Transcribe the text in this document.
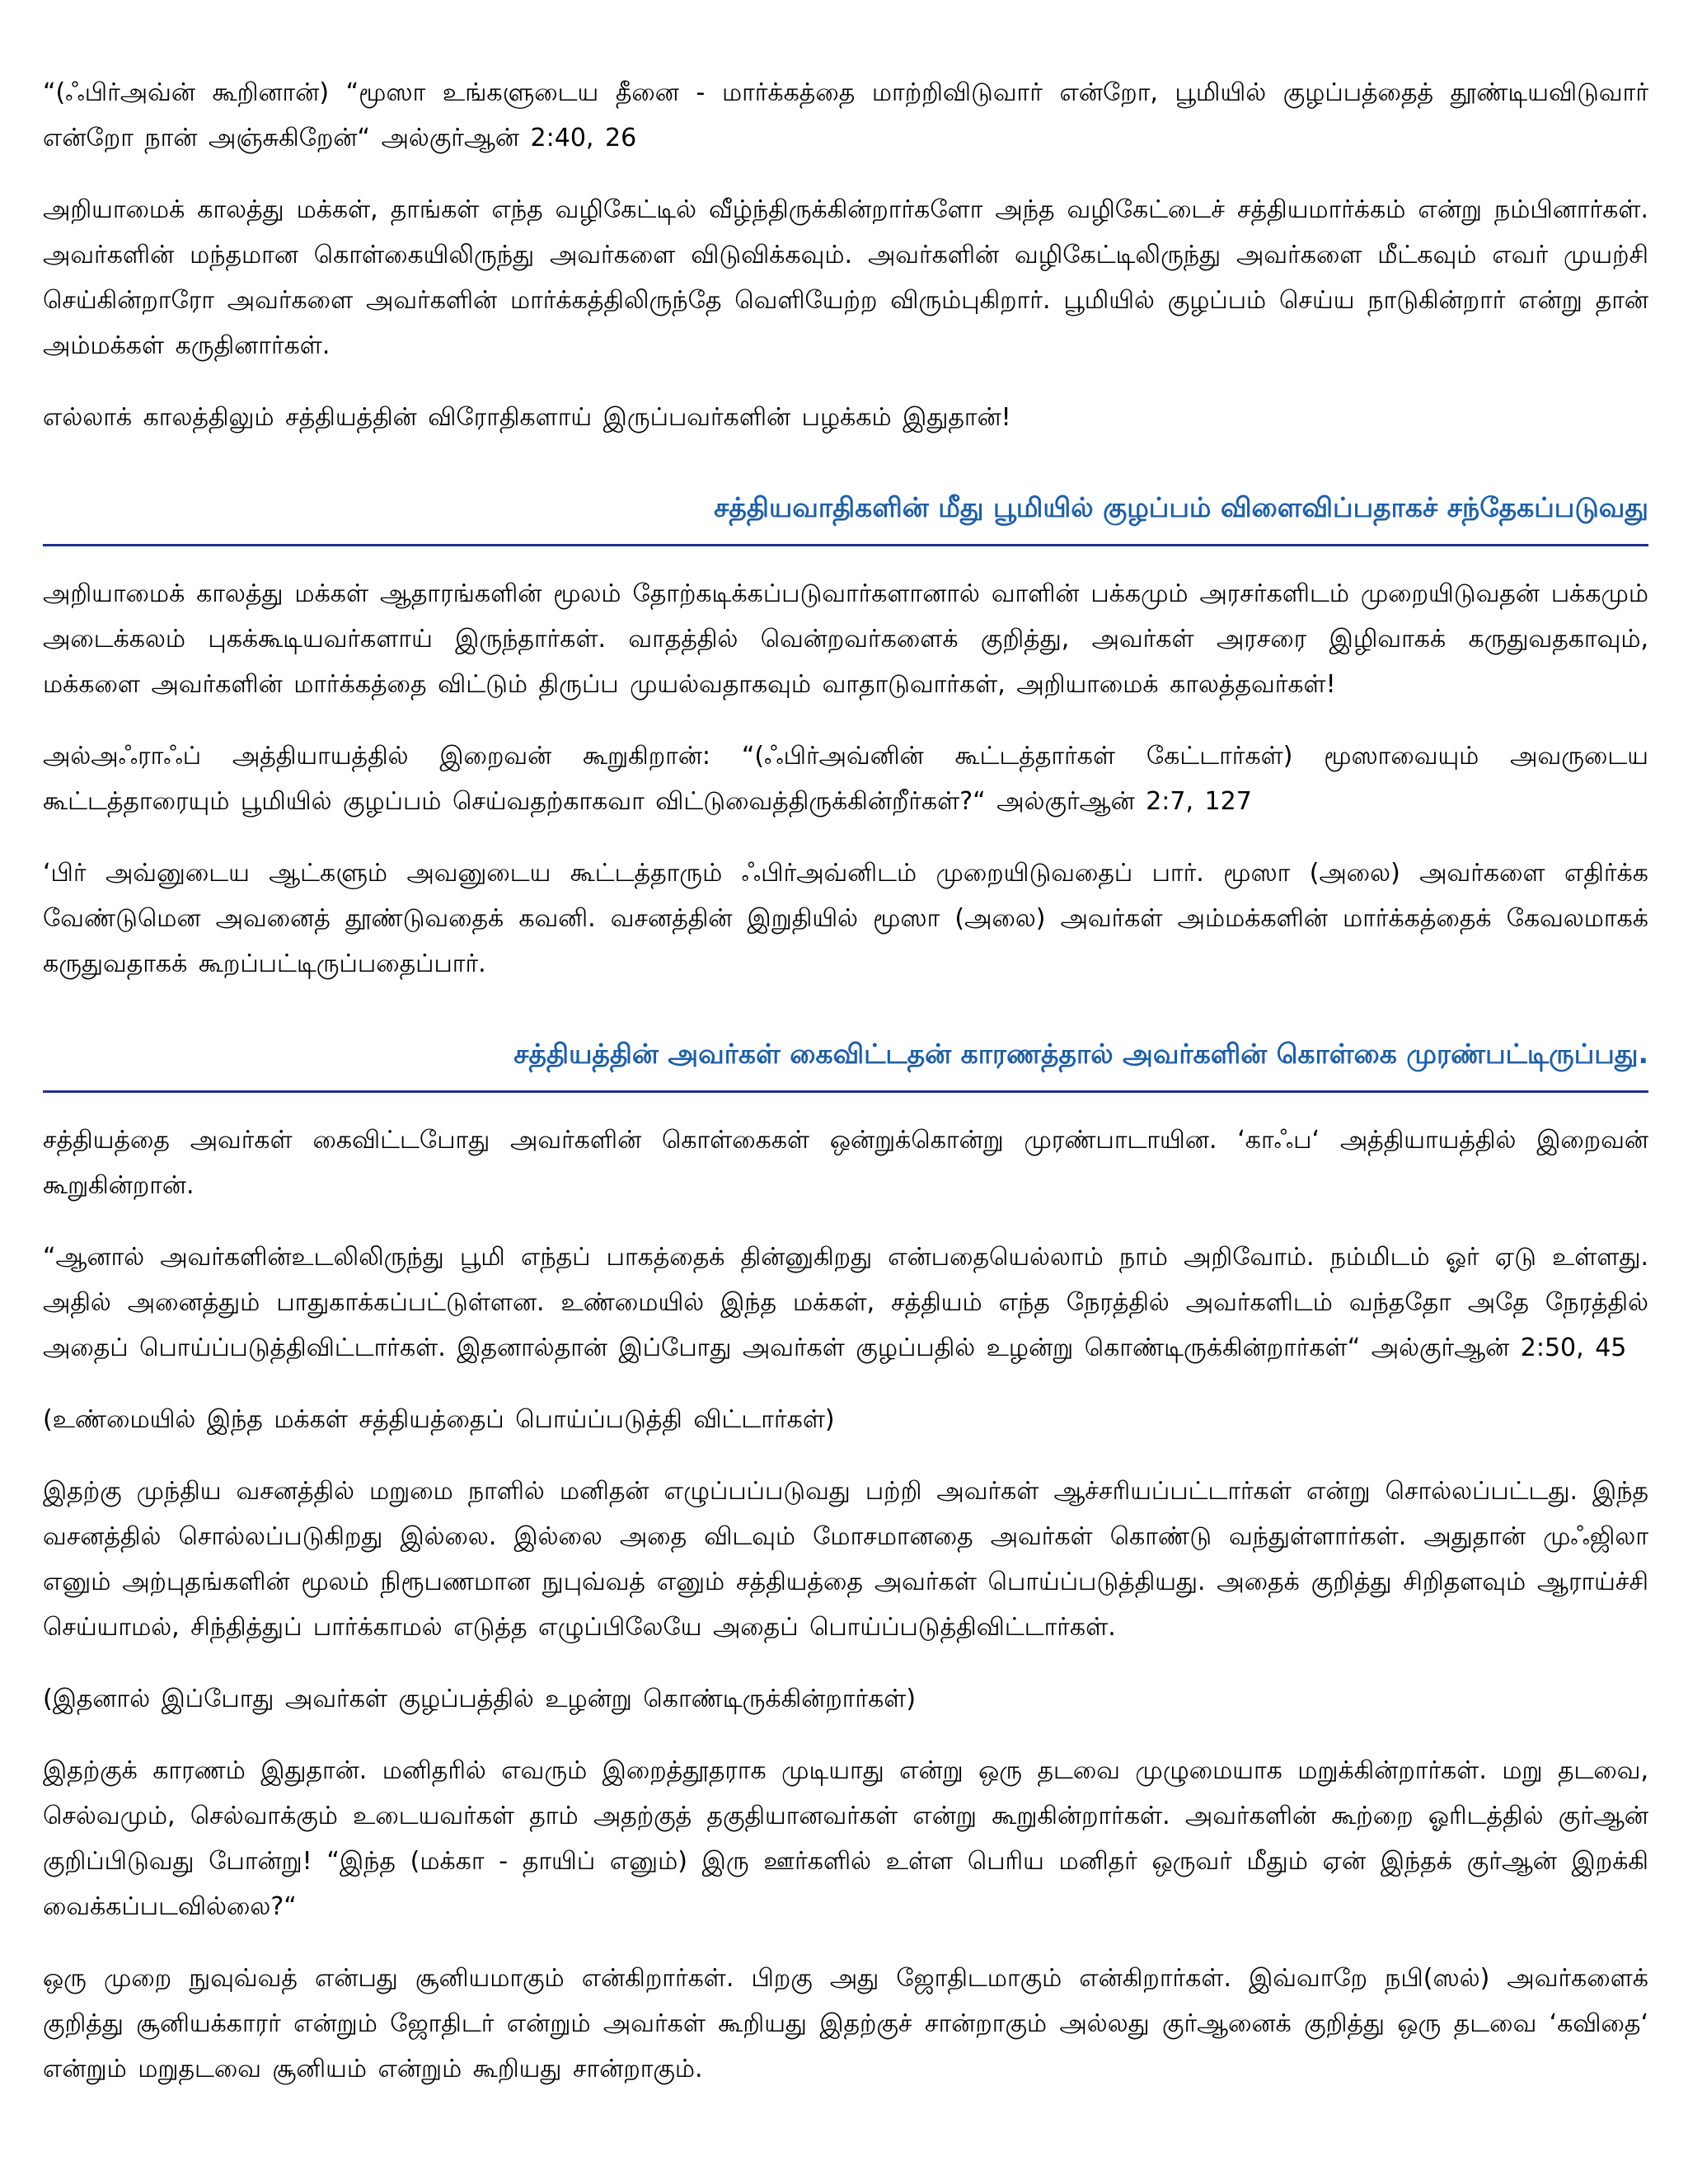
“(ஃபிர்அவ்ன் கூறினான்) “மூஸா உங்களுடைய தீனை - மார்க்கத்தை மாற்றிவிடுவார் என்றோ, பூமியில் குழப்பத்தைத் தூண்டியவிடுவார் என்றோ நான் அஞ்சுகிறேன்“ அல்குர்ஆன் 2:40, 26

அறியாமைக் காலத்து மக்கள், தாங்கள் எந்த வழிகேட்டில் வீழ்ந்திருக்கின்றார்களோ அந்த வழிகேட்டைச் சத்தியமார்க்கம் என்று நம்பினார்கள். அவர்களின் மந்தமான கொள்கையிலிருந்து அவர்களை விடுவிக்கவும். அவர்களின் வழிகேட்டிலிருந்து அவர்களை மீட்கவும் எவர் முயற்சி செய்கின்றாரோ அவர்களை அவர்களின் மார்க்கத்திலிருந்தே வெளியேற்ற விரும்புகிறார். பூமியில் குழப்பம் செய்ய நாடுகின்றார் என்று தான் அம்மக்கள் கருதினார்கள்.

எல்லாக் காலத்திலும் சத்தியத்தின் விரோதிகளாய் இருப்பவர்களின் பழக்கம் இதுதான்!

சத்தியவாதிகளின் மீது பூமியில் குழப்பம் விளைவிப்பதாகச் சந்தேகப்படுவது

அறியாமைக் காலத்து மக்கள் ஆதாரங்களின் மூலம் தோற்கடிக்கப்படுவார்களானால் வாளின் பக்கமும் அரசர்களிடம் முறையிடுவதன் பக்கமும் அடைக்கலம் புகக்கூடியவர்களாய் இருந்தார்கள். வாதத்தில் வென்றவர்களைக் குறித்து, அவர்கள் அரசரை இழிவாகக் கருதுவதகாவும், மக்களை அவர்களின் மார்க்கத்தை விட்டும் திருப்ப முயல்வதாகவும் வாதாடுவார்கள், அறியாமைக் காலத்தவர்கள்!

அல்அஃராஃப் அத்தியாயத்தில் இறைவன் கூறுகிறான்: “(ஃபிர்அவ்னின் கூட்டத்தார்கள் கேட்டார்கள்) மூஸாவையும் அவருடைய கூட்டத்தாரையும் பூமியில் குழப்பம் செய்வதற்காகவா விட்டுவைத்திருக்கின்றீர்கள்?“ அல்குர்ஆன் 2:7, 127

‘பிர் அவ்னுடைய ஆட்களும் அவனுடைய கூட்டத்தாரும் ஃபிர்அவ்னிடம் முறையிடுவதைப் பார். மூஸா (அலை) அவர்களை எதிர்க்க வேண்டுமென அவனைத் தூண்டுவதைக் கவனி. வசனத்தின் இறுதியில் மூஸா (அலை) அவர்கள் அம்மக்களின் மார்க்கத்தைக் கேவலமாகக் கருதுவதாகக் கூறப்பட்டிருப்பதைப்பார்.

சத்தியத்தின் அவர்கள் கைவிட்டதன் காரணத்தால் அவர்களின் கொள்கை முரண்பட்டிருப்பது.

சத்தியத்தை அவர்கள் கைவிட்டபோது அவர்களின் கொள்கைகள் ஒன்றுக்கொன்று முரண்பாடாயின. ‘காஃப‘ அத்தியாயத்தில் இறைவன் கூறுகின்றான்.

“ஆனால் அவர்களின்உடலிலிருந்து பூமி எந்தப் பாகத்தைக் தின்னுகிறது என்பதையெல்லாம் நாம் அறிவோம். நம்மிடம் ஓர் ஏடு உள்ளது. அதில் அனைத்தும் பாதுகாக்கப்பட்டுள்ளன. உண்மையில் இந்த மக்கள், சத்தியம் எந்த நேரத்தில் அவர்களிடம் வந்ததோ அதே நேரத்தில் அதைப் பொய்ப்படுத்திவிட்டார்கள். இதனால்தான் இப்போது அவர்கள் குழப்பதில் உழன்று கொண்டிருக்கின்றார்கள்“ அல்குர்ஆன் 2:50, 45

(உண்மையில் இந்த மக்கள் சத்தியத்தைப் பொய்ப்படுத்தி விட்டார்கள்)

இதற்கு முந்திய வசனத்தில் மறுமை நாளில் மனிதன் எழுப்பப்படுவது பற்றி அவர்கள் ஆச்சரியப்பட்டார்கள் என்று சொல்லப்பட்டது. இந்த வசனத்தில் சொல்லப்படுகிறது இல்லை. இல்லை அதை விடவும் மோசமானதை அவர்கள் கொண்டு வந்துள்ளார்கள். அதுதான் முஃஜிலா எனும் அற்புதங்களின் மூலம் நிரூபணமான நுபுவ்வத் எனும் சத்தியத்தை அவர்கள் பொய்ப்படுத்தியது. அதைக் குறித்து சிறிதளவும் ஆராய்ச்சி செய்யாமல், சிந்தித்துப் பார்க்காமல் எடுத்த எழுப்பிலேயே அதைப் பொய்ப்படுத்திவிட்டார்கள்.

(இதனால் இப்போது அவர்கள் குழப்பத்தில் உழன்று கொண்டிருக்கின்றார்கள்)

இதற்குக் காரணம் இதுதான். மனிதரில் எவரும் இறைத்தூதராக முடியாது என்று ஒரு தடவை முழுமையாக மறுக்கின்றார்கள். மறு தடவை, செல்வமும், செல்வாக்கும் உடையவர்கள் தாம் அதற்குத் தகுதியானவர்கள் என்று கூறுகின்றார்கள். அவர்களின் கூற்றை ஓரிடத்தில் குர்ஆன் குறிப்பிடுவது போன்று! “இந்த (மக்கா - தாயிப் எனும்) இரு ஊர்களில் உள்ள பெரிய மனிதர் ஒருவர் மீதும் ஏன் இந்தக் குர்ஆன் இறக்கி வைக்கப்படவில்லை?“

ஒரு முறை நுவுவ்வத் என்பது சூனியமாகும் என்கிறார்கள். பிறகு அது ஜோதிடமாகும் என்கிறார்கள். இவ்வாறே நபி(ஸல்) அவர்களைக் குறித்து சூனியக்காரர் என்றும் ஜோதிடர் என்றும் அவர்கள் கூறியது இதற்குச் சான்றாகும் அல்லது குர்ஆனைக் குறித்து ஒரு தடவை ‘கவிதை‘ என்றும் மறுதடவை சூனியம் என்றும் கூறியது சான்றாகும்.
